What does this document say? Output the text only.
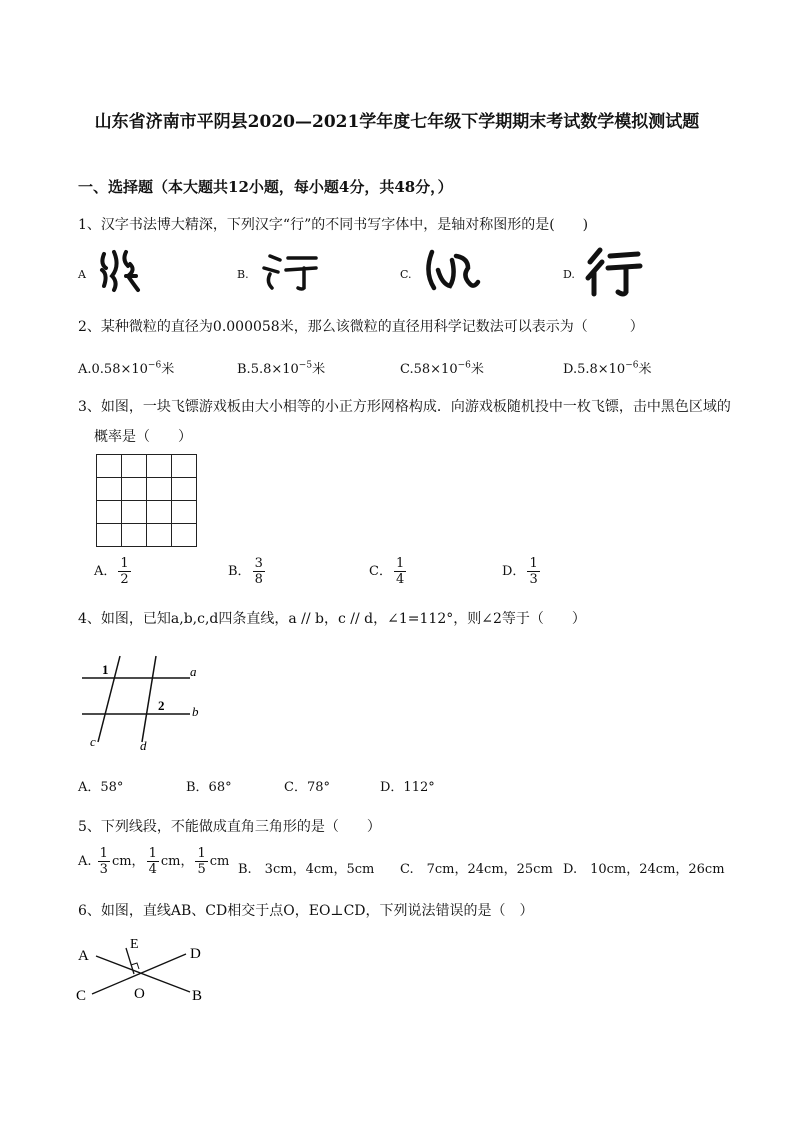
山东省济南市平阴县2020—2021学年度七年级下学期期末考试数学模拟测试题
一、选择题（本大题共12小题，每小题4分，共48分，）
1、汉字书法博大精深，下列汉字“行”的不同书写字体中，是轴对称图形的是(　　)
A	B.	C.	D.
2、某种微粒的直径为0.000058米，那么该微粒的直径用科学记数法可以表示为（　　　）
$A.0.58\times 10^{-6}$米	$B.5.8\times 10^{-5}$米	$C.58\times 10^{-6}$米	$D.5.8\times 10^{-6}$米
3、如图，一块飞镖游戏板由大小相等的小正方形网格构成．向游戏板随机投中一枚飞镖，击中黑色区域的
概率是（　　）

A． $\frac{1}{2}$	B． $\frac{3}{8}$	C． $\frac{1}{4}$	D． $\frac{1}{3}$
4、如图，已知a,b,c,d四条直线，a // b，c // d，∠1=112°，则∠2等于（　　）
1
2
a
b
c	d
A．58°	B．68°	C．78°	D．112°
5、下列线段，不能做成直角三角形的是（　　）
A. $\frac{1}{3}$ cm， $\frac{1}{4}$ cm， $\frac{1}{5}$ cm
B.　3cm，4cm，5cm C.　7cm，24cm，25cm D.　10cm，24cm，26cm
6、如图，直线AB、CD相交于点O，EO⊥CD，下列说法错误的是（　）
A
B
C
D
E
O
